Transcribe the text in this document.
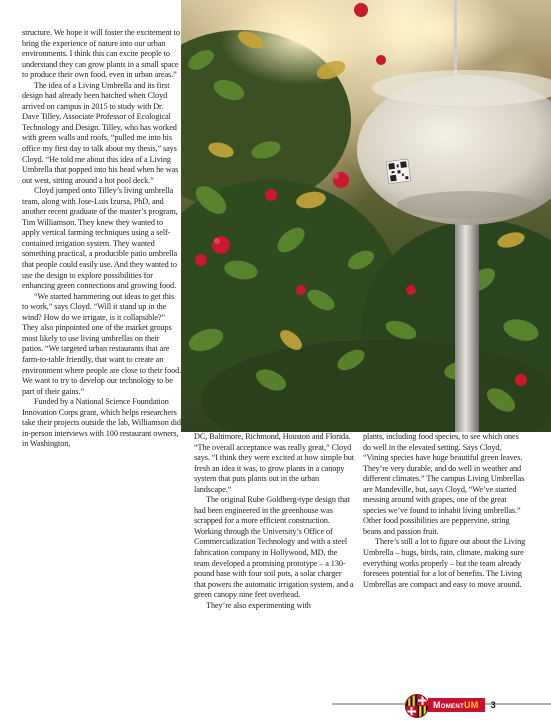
structure. We hope it will foster the excitement to bring the experience of nature into our urban environments. I think this can excite people to understand they can grow plants in a small space to produce their own food, even in urban areas.”

The idea of a Living Umbrella and its first design had already been hatched when Cloyd arrived on campus in 2015 to study with Dr. Dave Tilley, Associate Professor of Ecological Technology and Design. Tilley, who has worked with green walls and roofs, “pulled me into his office my first day to talk about my thesis,” says Cloyd. “He told me about this idea of a Living Umbrella that popped into his head when he was out west, sitting around a hot pool deck.”

Cloyd jumped onto Tilley’s living umbrella team, along with Jose-Luis Izursa, PhD, and another recent graduate of the master’s program, Tim Williamson. They knew they wanted to apply vertical farming techniques using a self-contained irrigation system. They wanted something practical, a producible patio umbrella that people could easily use. And they wanted to use the design to explore possibilities for enhancing green connections and growing food.

“We started hammering out ideas to get this to work,” says Cloyd. “Will it stand up in the wind? How do we irrigate, is it collapsible?” They also pinpointed one of the market groups most likely to use living umbrellas on their patios. “We targeted urban restaurants that are farm-to-table friendly, that want to create an environment where people are close to their food. We want to try to develop our technology to be part of their gains.”

Funded by a National Science Foundation Innovation Corps grant, which helps researchers take their projects outside the lab, Williamson did in-person interviews with 100 restaurant owners, in Washington,

DC, Baltimore, Richmond, Houston and Florida. “The overall acceptance was really great,” Cloyd says. “I think they were excited at how simple but fresh an idea it was, to grow plants in a canopy system that puts plants out in the urban landscape.”

The original Rube Goldberg-type design that had been engineered in the greenhouse was scrapped for a more efficient construction. Working through the University’s Office of Commercialization Technology and with a steel fabrication company in Hollywood, MD, the team developed a promising prototype – a 130-pound base with four soil pots, a solar charger that powers the automatic irrigation system, and a green canopy nine feet overhead.

They’re also experimenting with

plants, including food species, to see which ones do well in the elevated setting. Says Cloyd, “Vining species have huge beautiful green leaves. They’re very durable, and do well in weather and different climates.” The campus Living Umbrellas are Mandeville, but, says Cloyd, “We’ve started messing around with grapes, one of the great species we’ve found to inhabit living umbrellas.” Other food possibilities are peppervine, string beans and passion fruit.

There’s still a lot to figure out about the Living Umbrella – bugs, birds, rain, climate, making sure everything works properly – but the team already foresees potential for a lot of benefits. The Living Umbrellas are compact and easy to move around.

MomentUM	3
